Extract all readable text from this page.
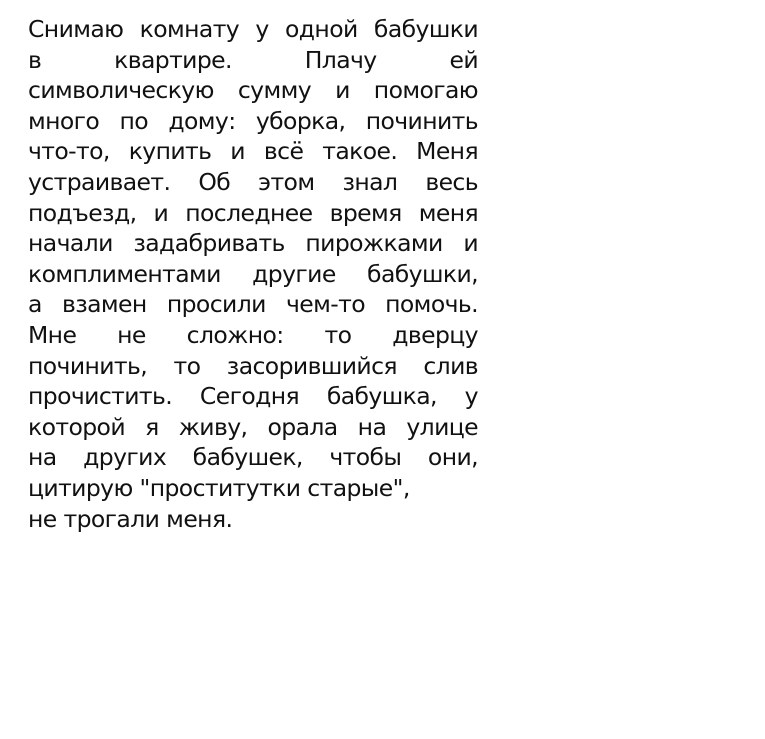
Снимаю комнату у одной бабушки
в квартире. Плачу ей
символическую сумму и помогаю
много по дому: уборка, починить
что-то, купить и всё такое. Меня
устраивает. Об этом знал весь
подъезд, и последнее время меня
начали задабривать пирожками и
комплиментами другие бабушки,
а взамен просили чем-то помочь.
Мне не сложно: то дверцу
починить, то засорившийся слив
прочистить. Сегодня бабушка, у
которой я живу, орала на улице
на других бабушек, чтобы они,
цитирую "проститутки старые",
не трогали меня.
